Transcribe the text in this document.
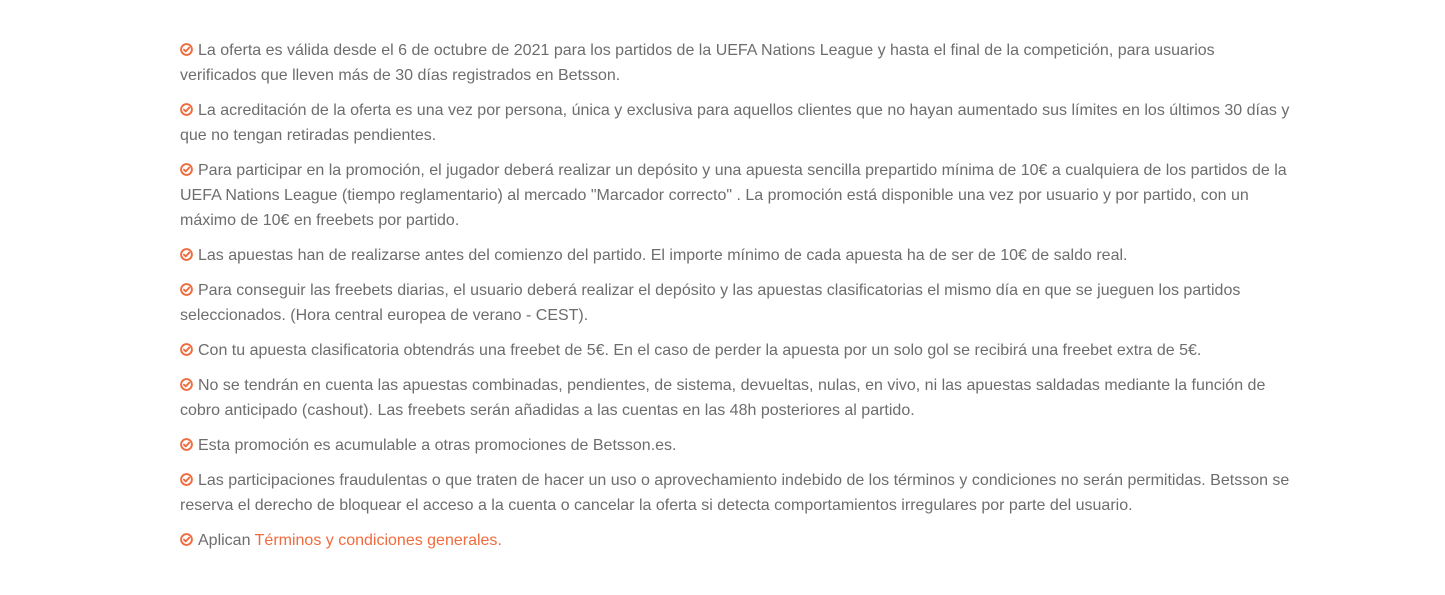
La oferta es válida desde el 6 de octubre de 2021 para los partidos de la UEFA Nations League y hasta el final de la competición, para usuarios verificados que lleven más de 30 días registrados en Betsson.

La acreditación de la oferta es una vez por persona, única y exclusiva para aquellos clientes que no hayan aumentado sus límites en los últimos 30 días y que no tengan retiradas pendientes.

Para participar en la promoción, el jugador deberá realizar un depósito y una apuesta sencilla prepartido mínima de 10€ a cualquiera de los partidos de la UEFA Nations League (tiempo reglamentario) al mercado "Marcador correcto" . La promoción está disponible una vez por usuario y por partido, con un máximo de 10€ en freebets por partido.

Las apuestas han de realizarse antes del comienzo del partido. El importe mínimo de cada apuesta ha de ser de 10€ de saldo real.

Para conseguir las freebets diarias, el usuario deberá realizar el depósito y las apuestas clasificatorias el mismo día en que se jueguen los partidos seleccionados. (Hora central europea de verano - CEST).

Con tu apuesta clasificatoria obtendrás una freebet de 5€. En el caso de perder la apuesta por un solo gol se recibirá una freebet extra de 5€.

No se tendrán en cuenta las apuestas combinadas, pendientes, de sistema, devueltas, nulas, en vivo, ni las apuestas saldadas mediante la función de cobro anticipado (cashout). Las freebets serán añadidas a las cuentas en las 48h posteriores al partido.

Esta promoción es acumulable a otras promociones de Betsson.es.

Las participaciones fraudulentas o que traten de hacer un uso o aprovechamiento indebido de los términos y condiciones no serán permitidas. Betsson se reserva el derecho de bloquear el acceso a la cuenta o cancelar la oferta si detecta comportamientos irregulares por parte del usuario.

Aplican Términos y condiciones generales.
